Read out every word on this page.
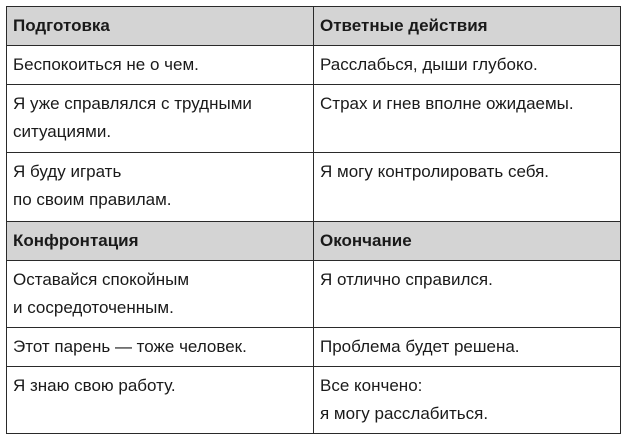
Подготовка	Ответные действия

Беспокоиться не о чем.	Расслабься, дыши глубоко.

Я уже справлялся с трудными
ситуациями.	Страх и гнев вполне ожидаемы.

Я буду играть
по своим правилам.	Я могу контролировать себя.

Конфронтация	Окончание

Оставайся спокойным
и сосредоточенным.	Я отлично справился.

Этот парень — тоже человек.	Проблема будет решена.

Я знаю свою работу.	Все кончено:
я могу расслабиться.
